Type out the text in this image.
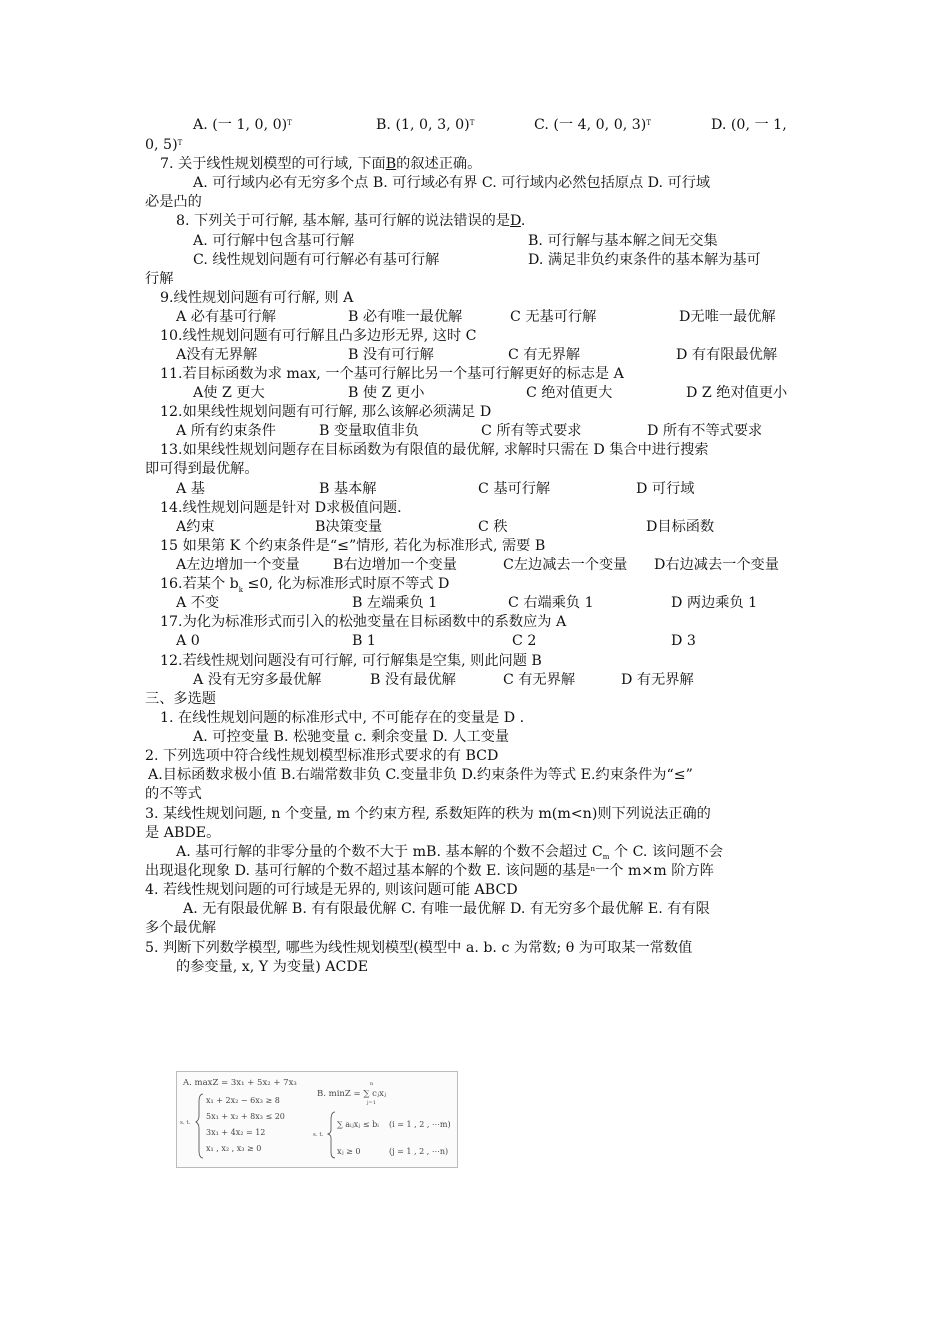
A. (一 1, 0, 0)$^T$	B. (1, 0, 3, 0)$^T$	C. (一 4, 0, 0, 3)$^T$	D. (0, 一 1,
0, 5)$^T$
7. 关于线性规划模型的可行域, 下面B的叙述正确。
A. 可行域内必有无穷多个点 B. 可行域必有界 C. 可行域内必然包括原点 D. 可行域
必是凸的
8. 下列关于可行解, 基本解, 基可行解的说法错误的是D.
A. 可行解中包含基可行解	B. 可行解与基本解之间无交集
C. 线性规划问题有可行解必有基可行解	D. 满足非负约束条件的基本解为基可
行解
9.线性规划问题有可行解, 则 A
A 必有基可行解	B 必有唯一最优解	C 无基可行解	D无唯一最优解
10.线性规划问题有可行解且凸多边形无界, 这时 C
A没有无界解	B 没有可行解	C 有无界解	D 有有限最优解
11.若目标函数为求 max, 一个基可行解比另一个基可行解更好的标志是 A
A使 Z 更大	B 使 Z 更小	C 绝对值更大	D Z 绝对值更小
12.如果线性规划问题有可行解, 那么该解必须满足 D
A 所有约束条件	B 变量取值非负	C 所有等式要求	D 所有不等式要求
13.如果线性规划问题存在目标函数为有限值的最优解, 求解时只需在 D 集合中进行搜索
即可得到最优解。
A 基	B 基本解	C 基可行解	D 可行域
14.线性规划问题是针对 D求极值问题.
A约束	B决策变量	C 秩	D目标函数
15 如果第 K 个约束条件是“≤”情形, 若化为标准形式, 需要 B
A左边增加一个变量 B右边增加一个变量	C左边减去一个变量 D右边减去一个变量
16.若某个 $b^k \le 0$, 化为标准形式时原不等式 D
A 不变	B 左端乘负 1	C 右端乘负 1	D 两边乘负 1
17.为化为标准形式而引入的松弛变量在目标函数中的系数应为 A
A 0	B 1	C 2	D 3
12.若线性规划问题没有可行解, 可行解集是空集, 则此问题 B
A 没有无穷多最优解	B 没有最优解	C 有无界解	D 有无界解
三、多选题
1. 在线性规划问题的标准形式中, 不可能存在的变量是 D .
A. 可控变量 B. 松驰变量 c. 剩余变量 D. 人工变量
2. 下列选项中符合线性规划模型标准形式要求的有 BCD
A.目标函数求极小值 B.右端常数非负 C.变量非负 D.约束条件为等式 E.约束条件为“≤”
的不等式
3. 某线性规划问题, n 个变量, m 个约束方程, 系数矩阵的秩为 m(m<n)则下列说法正确的
是 ABDE。
A. 基可行解的非零分量的个数不大于 mB. 基本解的个数不会超过 $C^m$ 个 C. 该问题不会
出现退化现象 D. 基可行解的个数不超过基本解的个数 E. 该问题的基是$^n$一个 m×m 阶方阵
4. 若线性规划问题的可行域是无界的, 则该问题可能 ABCD
A. 无有限最优解 B. 有有限最优解 C. 有唯一最优解 D. 有无穷多个最优解 E. 有有限
多个最优解
5. 判断下列数学模型, 哪些为线性规划模型(模型中 a. b. c 为常数; θ 为可取某一常数值
的参变量, x, Y 为变量) ACDE
A. maxZ = 3x₁ + 5x₂ + 7x₃
s. t.
x₁ + 2x₂ − 6x₃ ≥ 8
5x₁ + x₂ + 8x₃ ≤ 20
3x₁ + 4x₂ = 12
x₁ , x₂ , x₃ ≥ 0
B. minZ = ∑ cⱼxⱼ
n
j=1
s. t.
∑ aᵢⱼxⱼ ≤ bᵢ (i = 1 , 2 , ⋯m)
xⱼ ≥ 0	(j = 1 , 2 , ⋯n)
